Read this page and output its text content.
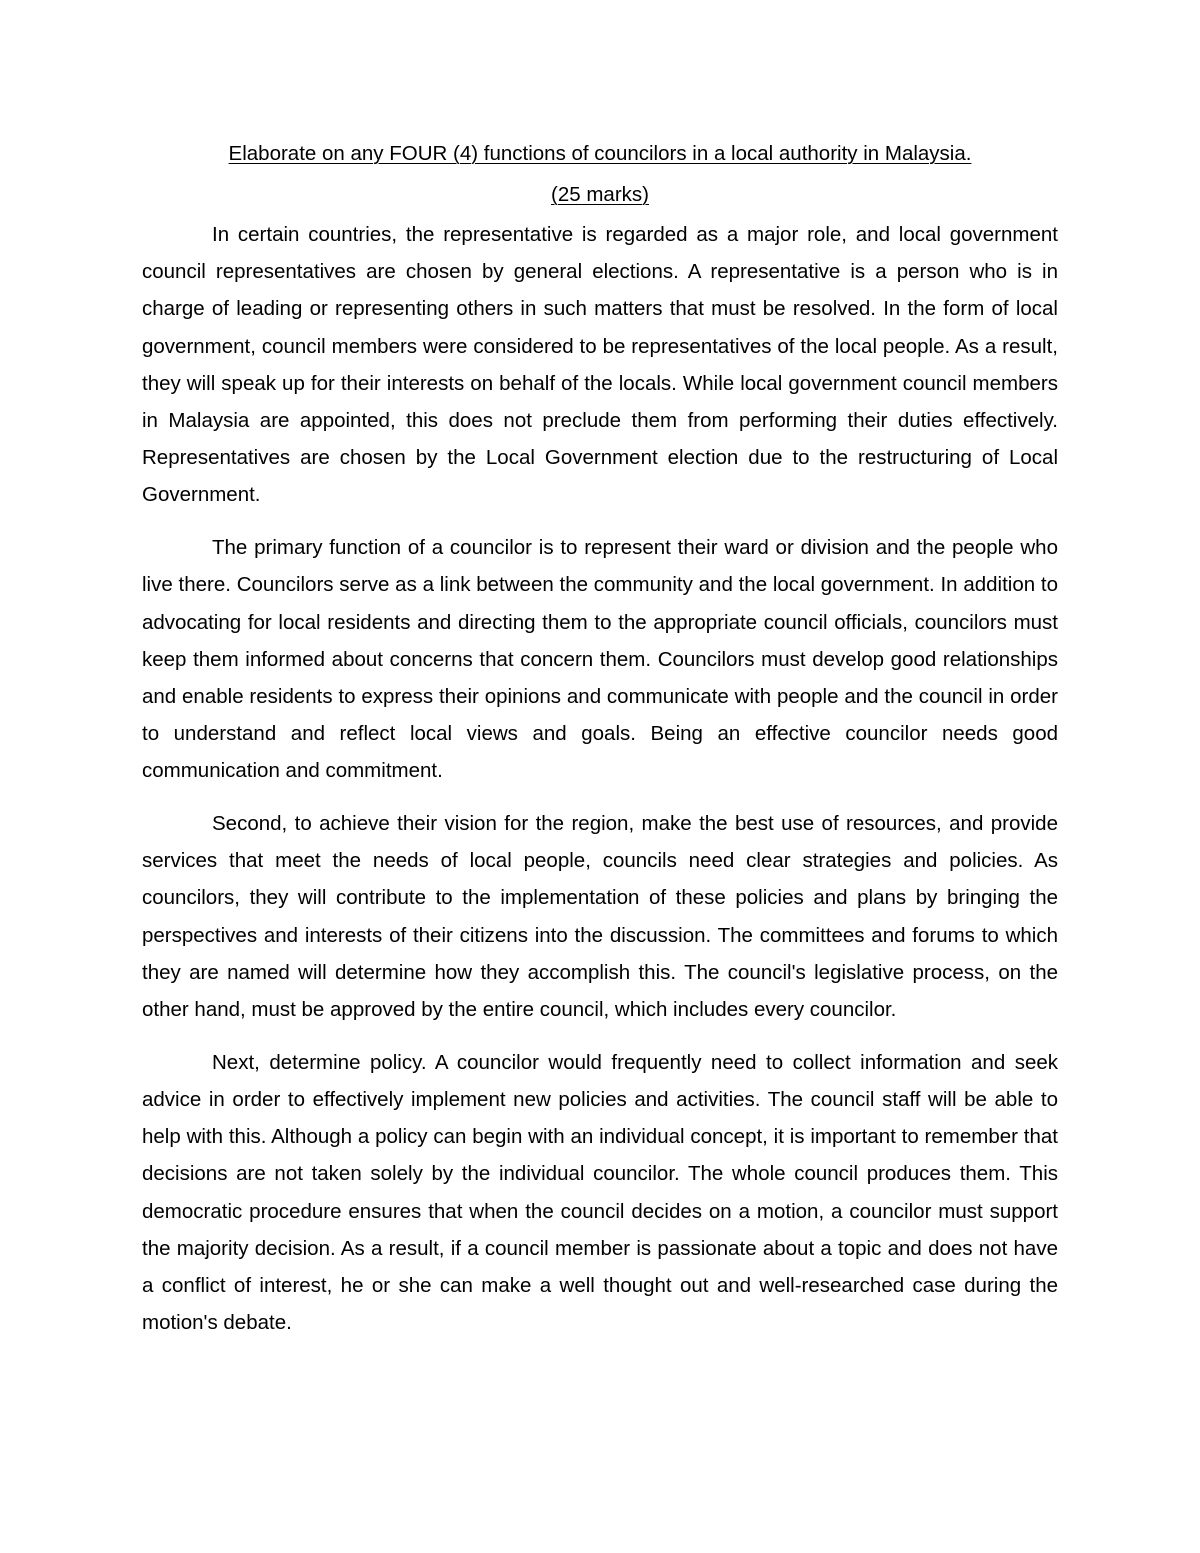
Elaborate on any FOUR (4) functions of councilors in a local authority in Malaysia.

(25 marks)

In certain countries, the representative is regarded as a major role, and local government council representatives are chosen by general elections. A representative is a person who is in charge of leading or representing others in such matters that must be resolved. In the form of local government, council members were considered to be representatives of the local people. As a result, they will speak up for their interests on behalf of the locals. While local government council members in Malaysia are appointed, this does not preclude them from performing their duties effectively. Representatives are chosen by the Local Government election due to the restructuring of Local Government.

The primary function of a councilor is to represent their ward or division and the people who live there. Councilors serve as a link between the community and the local government. In addition to advocating for local residents and directing them to the appropriate council officials, councilors must keep them informed about concerns that concern them. Councilors must develop good relationships and enable residents to express their opinions and communicate with people and the council in order to understand and reflect local views and goals. Being an effective councilor needs good communication and commitment.

Second, to achieve their vision for the region, make the best use of resources, and provide services that meet the needs of local people, councils need clear strategies and policies. As councilors, they will contribute to the implementation of these policies and plans by bringing the perspectives and interests of their citizens into the discussion. The committees and forums to which they are named will determine how they accomplish this. The council's legislative process, on the other hand, must be approved by the entire council, which includes every councilor.

Next, determine policy. A councilor would frequently need to collect information and seek advice in order to effectively implement new policies and activities. The council staff will be able to help with this. Although a policy can begin with an individual concept, it is important to remember that decisions are not taken solely by the individual councilor. The whole council produces them. This democratic procedure ensures that when the council decides on a motion, a councilor must support the majority decision. As a result, if a council member is passionate about a topic and does not have a conflict of interest, he or she can make a well thought out and well-researched case during the motion's debate.
